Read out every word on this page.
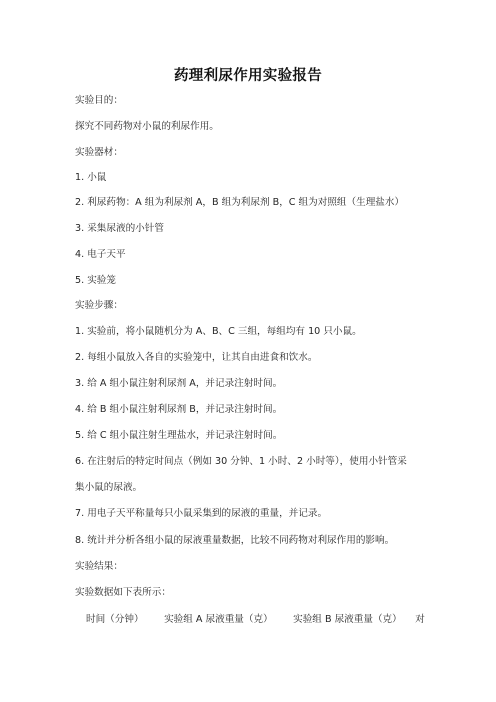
药理利尿作用实验报告
实验目的：
探究不同药物对小鼠的利尿作用。
实验器材：
1. 小鼠
2. 利尿药物：A 组为利尿剂 A，B 组为利尿剂 B，C 组为对照组（生理盐水）
3. 采集尿液的小针管
4. 电子天平
5. 实验笼
实验步骤：
1. 实验前，将小鼠随机分为 A、B、C 三组，每组均有 10 只小鼠。
2. 每组小鼠放入各自的实验笼中，让其自由进食和饮水。
3. 给 A 组小鼠注射利尿剂 A，并记录注射时间。
4. 给 B 组小鼠注射利尿剂 B，并记录注射时间。
5. 给 C 组小鼠注射生理盐水，并记录注射时间。
6. 在注射后的特定时间点（例如 30 分钟、1 小时、2 小时等），使用小针管采
集小鼠的尿液。
7. 用电子天平称量每只小鼠采集到的尿液的重量，并记录。
8. 统计并分析各组小鼠的尿液重量数据，比较不同药物对利尿作用的影响。
实验结果：
实验数据如下表所示：
时间（分钟） 实验组 A 尿液重量（克） 实验组 B 尿液重量（克） 对
